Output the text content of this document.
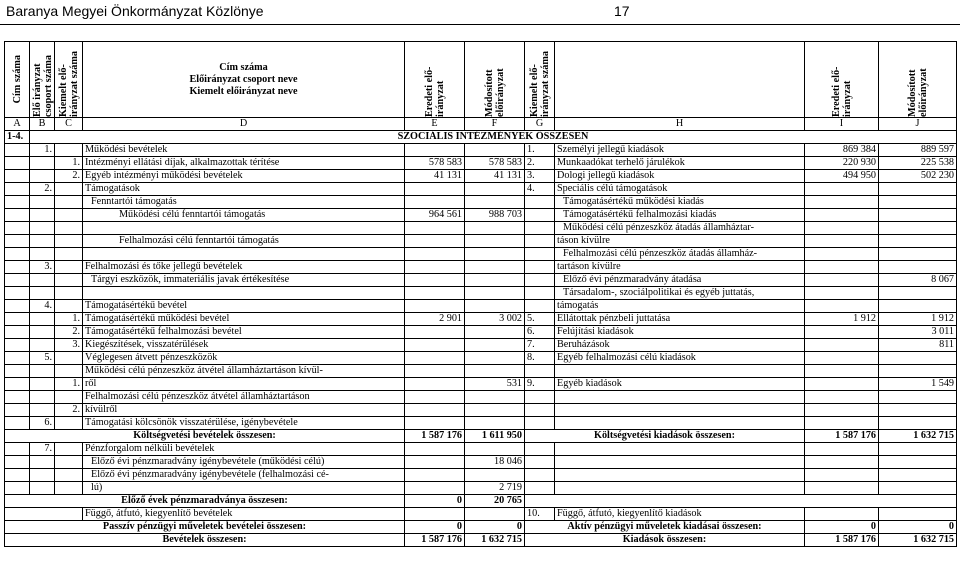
Baranya Megyei Önkormányzat Közlönye	17
Cím száma	Elő irányzat csoport száma	Kiemelt elő- irányzat száma	Cím száma
Előirányzat csoport neve
Kiemelt előirányzat neve	Eredeti elő- irányzat	Módosított előirányzat	Kiemelt elő- irányzat száma		Eredeti elő- irányzat	Módosított előirányzat

A	B	C	D	E	F	G	H	I	J
1-4.	SZOCIÁLIS INTÉZMÉNYEK ÖSSZESEN								
	1.		Működési bevételek			1.	Személyi jellegű kiadások	869 384	889 597
		1.	Intézményi ellátási díjak, alkalmazottak térítése	578 583	578 583	2.	Munkaadókat terhelő járulékok	220 930	225 538
		2.	Egyéb intézményi működési bevételek	41 131	41 131	3.	Dologi jellegű kiadások	494 950	502 230
	2.		Támogatások			4.	Speciális célú támogatások		
			Fenntartói támogatás				Támogatásértékű működési kiadás		
			Működési célú fenntartói támogatás	964 561	988 703		Támogatásértékű felhalmozási kiadás		
							Működési célú pénzeszköz átadás államháztar-		
			Felhalmozási célú fenntartói támogatás				táson kívülre		
							Felhalmozási célú pénzeszköz átadás államház-		
	3.		Felhalmozási és tőke jellegű bevételek				tartáson kívülre		
			Tárgyi eszközök, immateriális javak értékesítése				Előző évi pénzmaradvány átadása		8 067
							Társadalom-, szociálpolitikai és egyéb juttatás,		
	4.		Támogatásértékű bevétel				támogatás		
		1.	Támogatásértékű működési bevétel	2 901	3 002	5.	Ellátottak pénzbeli juttatása	1 912	1 912
		2.	Támogatásértékű felhalmozási bevétel			6.	Felújítási kiadások		3 011
		3.	Kiegészítések, visszatérülések			7.	Beruházások		811
	5.		Véglegesen átvett pénzeszközök			8.	Egyéb felhalmozási célú kiadások		
			Működési célú pénzeszköz átvétel államháztartáson kívül-						
		1.	ről		531	9.	Egyéb kiadások		1 549
			Felhalmozási célú pénzeszköz átvétel államháztartáson						
		2.	kívülről						
	6.		Támogatási kölcsönök visszatérülése, igénybevétele						
Költségvetési bevételek összesen:				1 587 176	1 611 950	Költségvetési kiadások összesen:		1 587 176	1 632 715
	7.		Pénzforgalom nélküli bevételek						
			Előző évi pénzmaradvány igénybevétele (működési célú)		18 046				
			Előző évi pénzmaradvány igénybevétele (felhalmozási cé-						
			lú)		2 719				
Előző évek pénzmaradványa összesen:				0	20 765				
			Függő, átfutó, kiegyenlítő bevételek			10.	Függő, átfutó, kiegyenlítő kiadások		
Passzív pénzügyi műveletek bevételei összesen:				0	0	Aktív pénzügyi műveletek kiadásai összesen:		0	0
Bevételek összesen:				1 587 176	1 632 715	Kiadások összesen:		1 587 176	1 632 715
